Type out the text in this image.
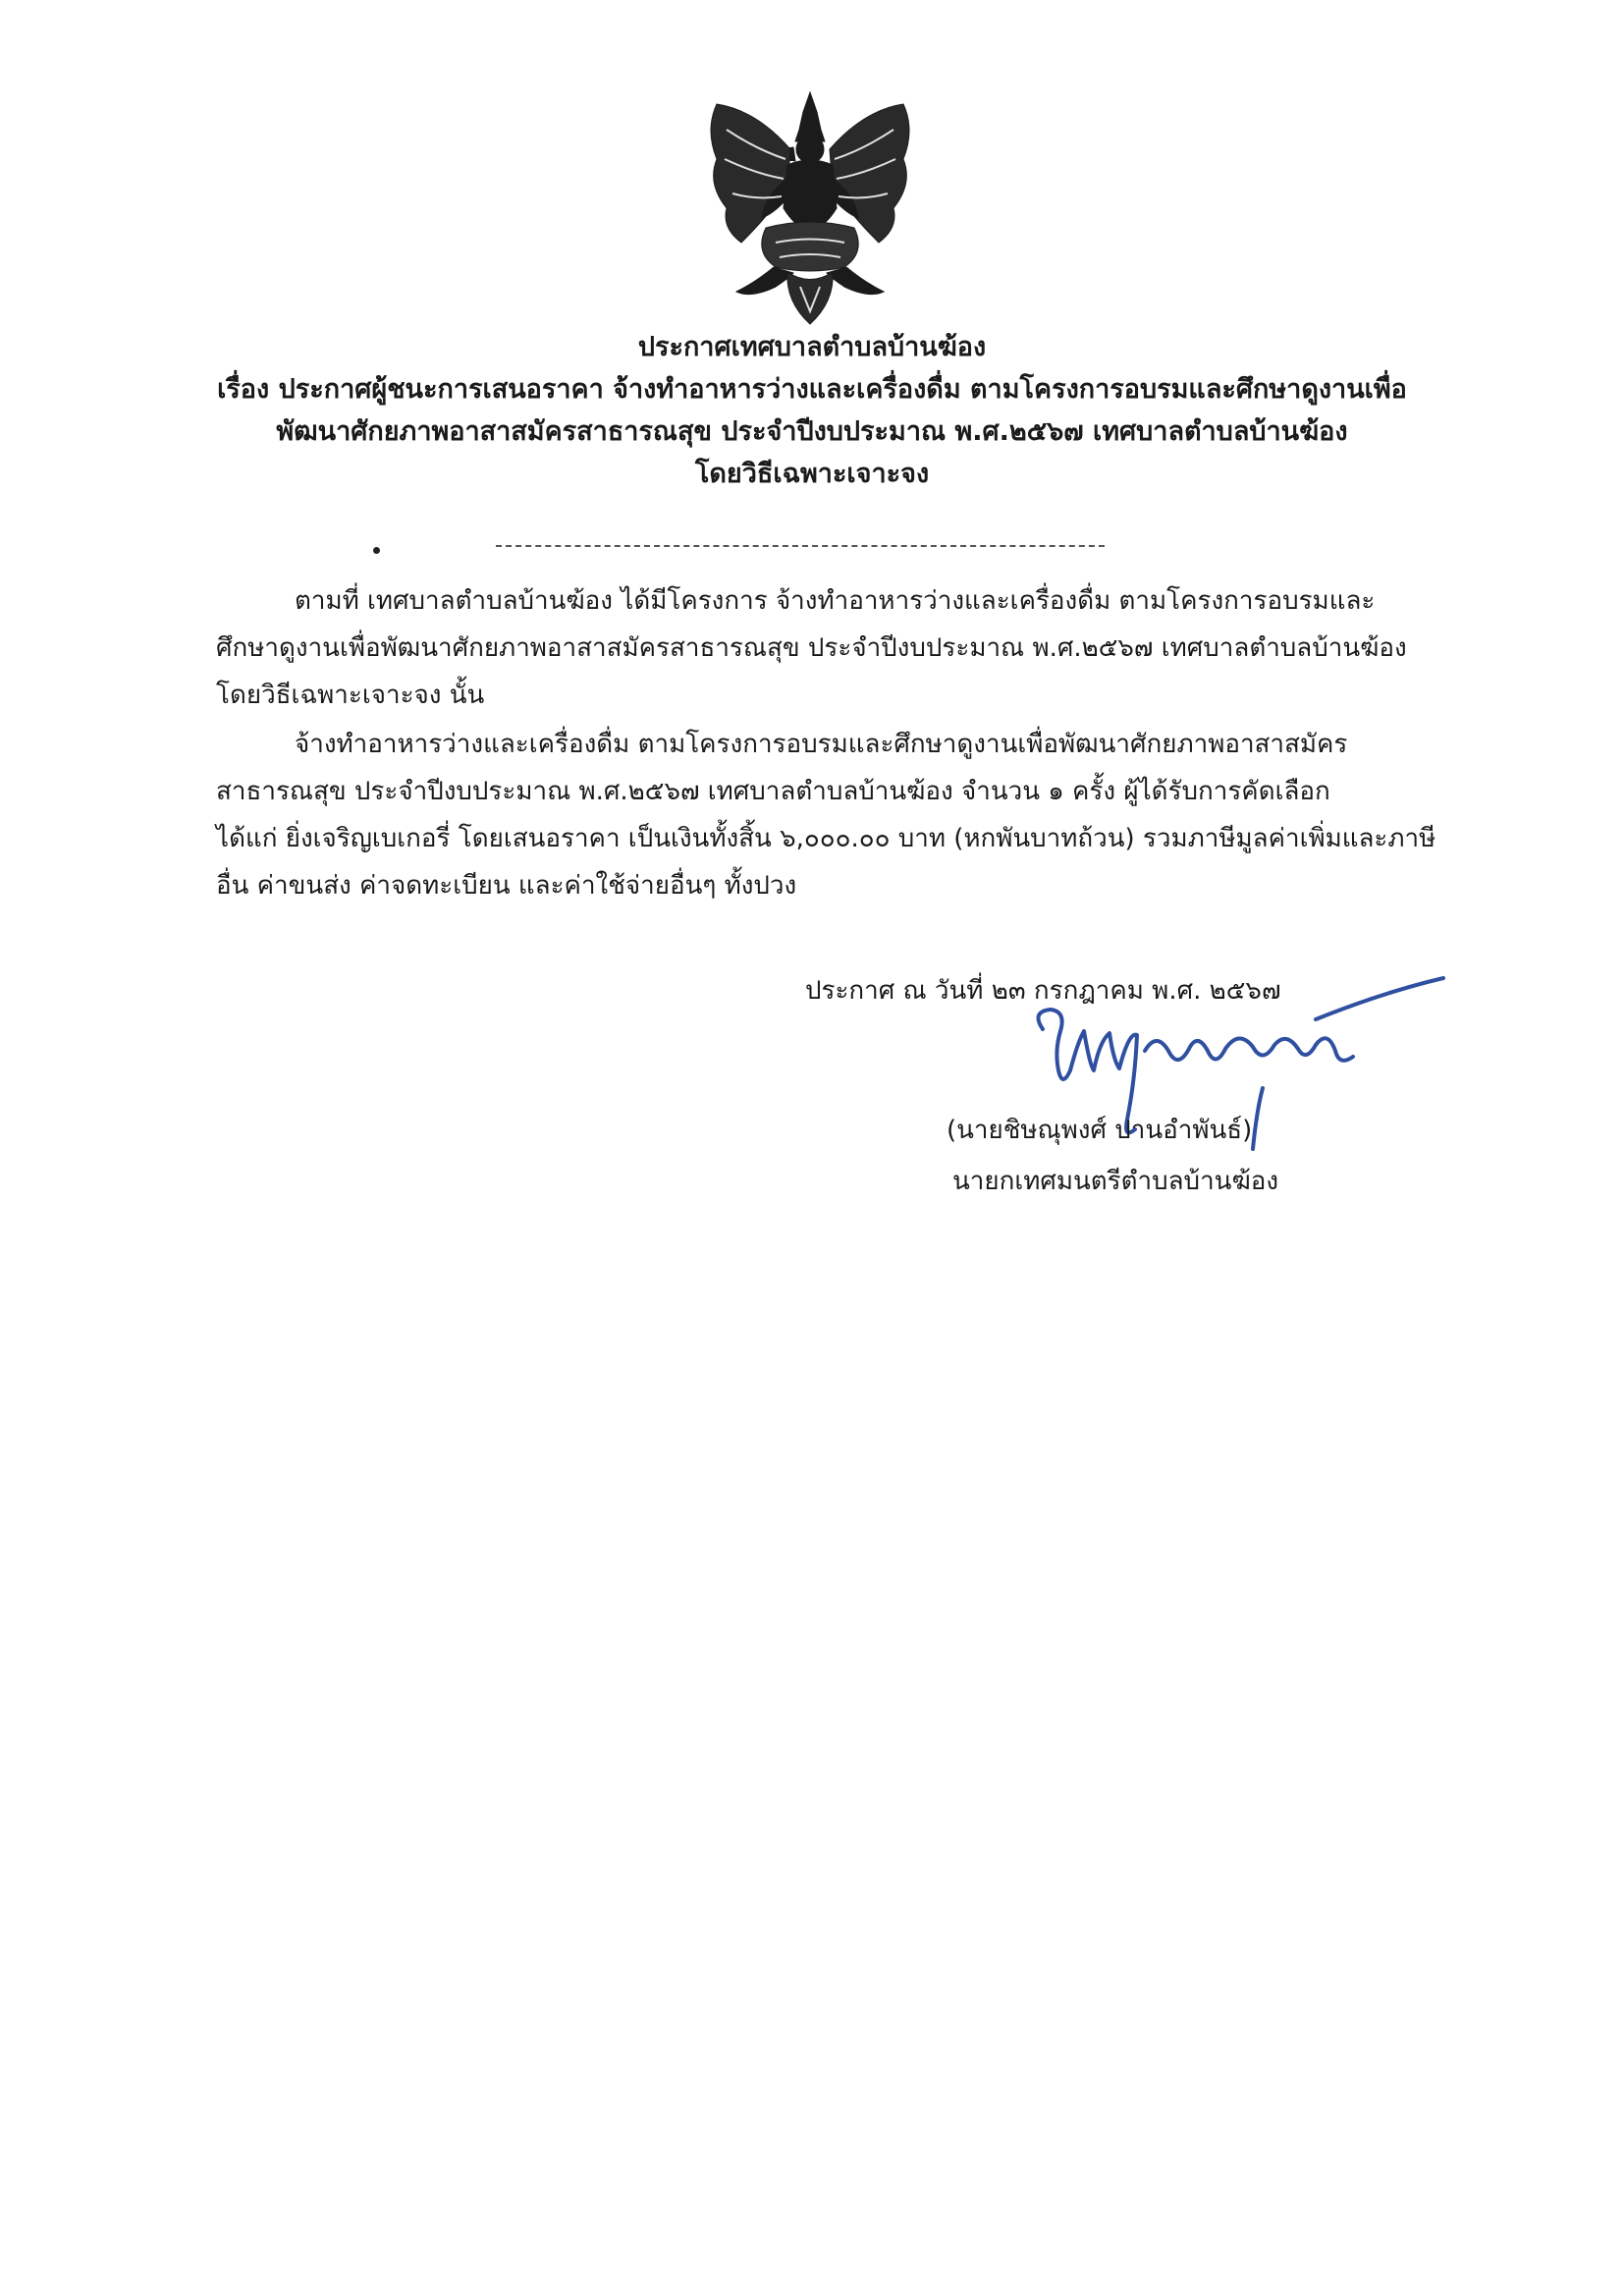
ประกาศเทศบาลตำบลบ้านฆ้อง
เรื่อง ประกาศผู้ชนะการเสนอราคา จ้างทำอาหารว่างและเครื่องดื่ม ตามโครงการอบรมและศึกษาดูงานเพื่อ
พัฒนาศักยภาพอาสาสมัครสาธารณสุข ประจำปีงบประมาณ พ.ศ.๒๕๖๗ เทศบาลตำบลบ้านฆ้อง
โดยวิธีเฉพาะเจาะจง
ตามที่ เทศบาลตำบลบ้านฆ้อง ได้มีโครงการ จ้างทำอาหารว่างและเครื่องดื่ม ตามโครงการอบรมและ
ศึกษาดูงานเพื่อพัฒนาศักยภาพอาสาสมัครสาธารณสุข ประจำปีงบประมาณ พ.ศ.๒๕๖๗ เทศบาลตำบลบ้านฆ้อง
โดยวิธีเฉพาะเจาะจง นั้น
จ้างทำอาหารว่างและเครื่องดื่ม ตามโครงการอบรมและศึกษาดูงานเพื่อพัฒนาศักยภาพอาสาสมัคร
สาธารณสุข ประจำปีงบประมาณ พ.ศ.๒๕๖๗ เทศบาลตำบลบ้านฆ้อง จำนวน ๑ ครั้ง ผู้ได้รับการคัดเลือก
ได้แก่ ยิ่งเจริญเบเกอรี่ โดยเสนอราคา เป็นเงินทั้งสิ้น ๖,๐๐๐.๐๐ บาท (หกพันบาทถ้วน) รวมภาษีมูลค่าเพิ่มและภาษี
อื่น ค่าขนส่ง ค่าจดทะเบียน และค่าใช้จ่ายอื่นๆ ทั้งปวง
ประกาศ ณ วันที่ ๒๓ กรกฎาคม พ.ศ. ๒๕๖๗
(นายชิษณุพงศ์ ปานอำพันธ์)
นายกเทศมนตรีตำบลบ้านฆ้อง
